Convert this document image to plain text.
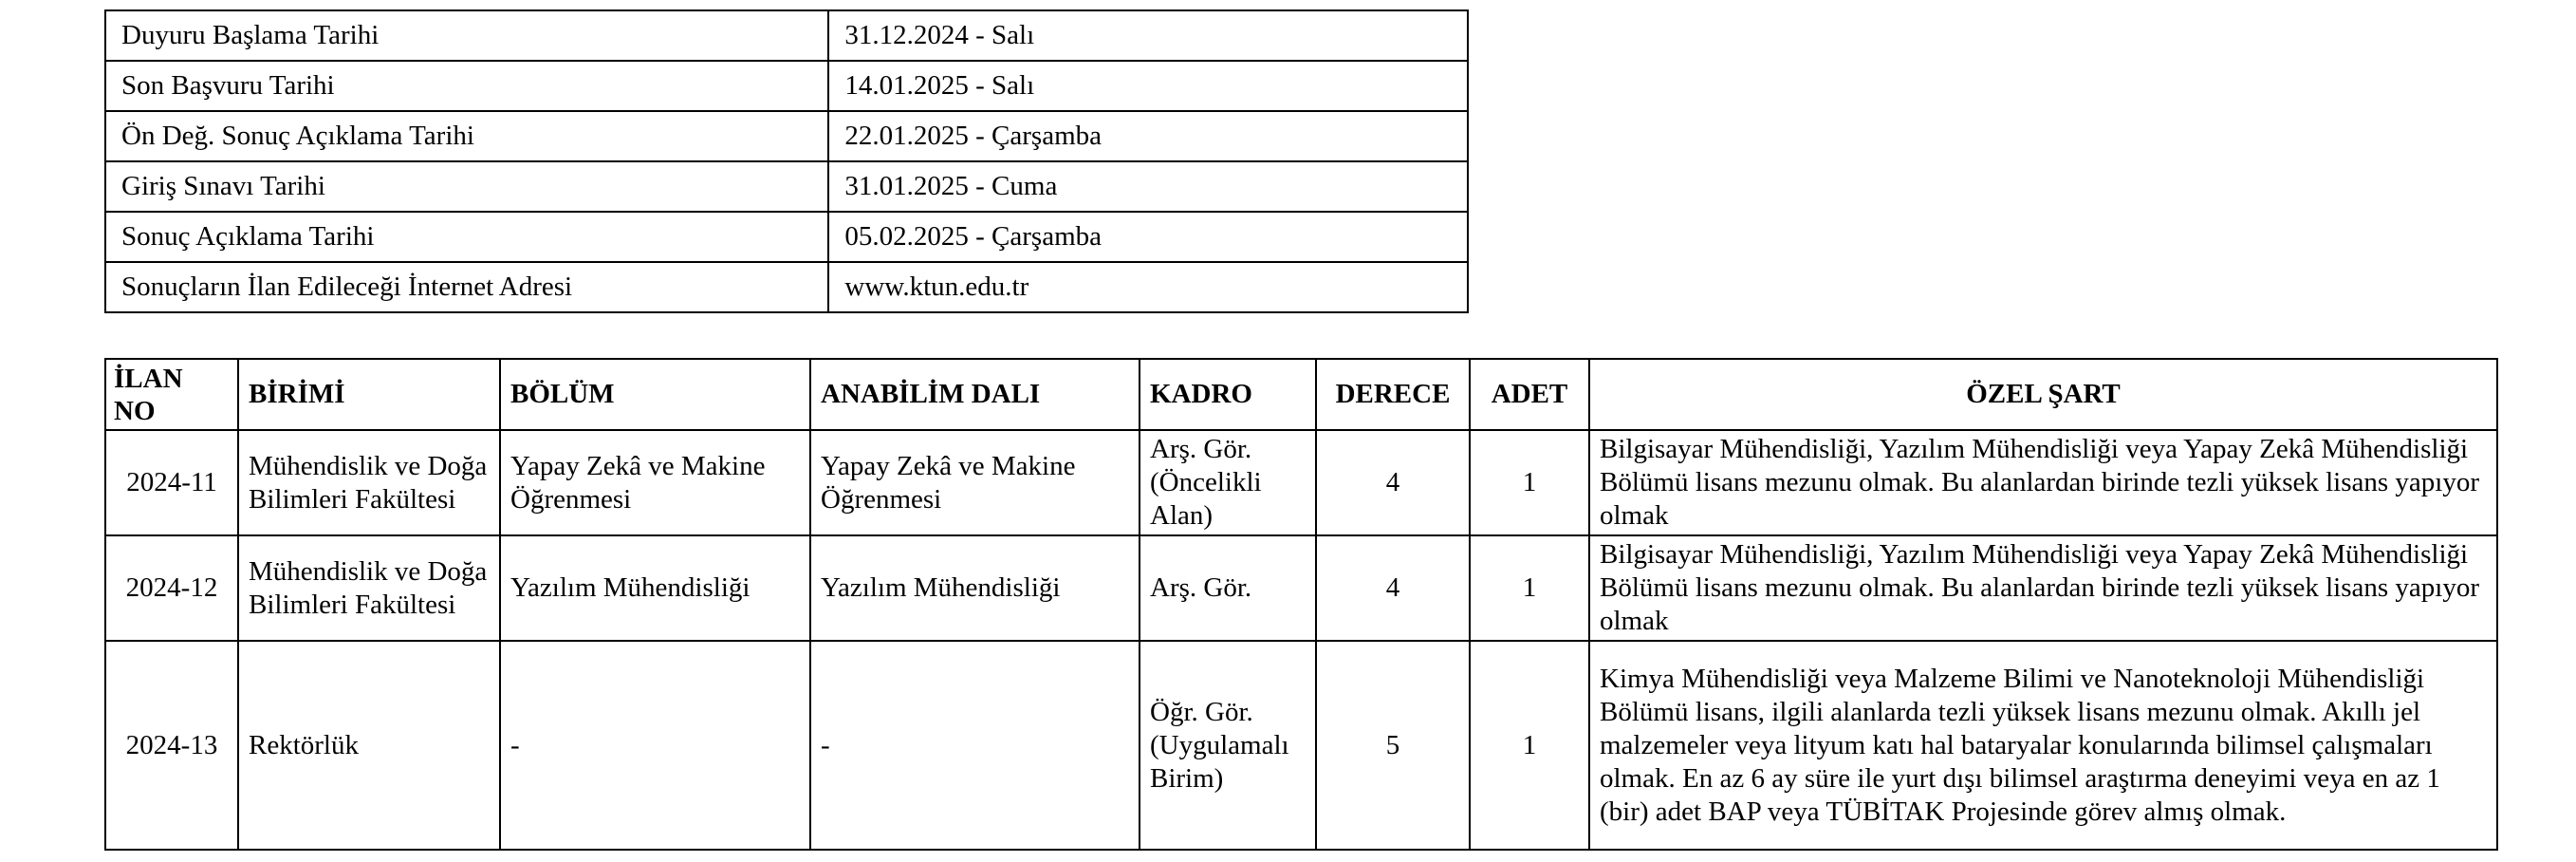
Duyuru Başlama Tarihi	31.12.2024 - Salı
Son Başvuru Tarihi	14.01.2025 - Salı
Ön Değ. Sonuç Açıklama Tarihi	22.01.2025 - Çarşamba
Giriş Sınavı Tarihi	31.01.2025 - Cuma
Sonuç Açıklama Tarihi	05.02.2025 - Çarşamba
Sonuçların İlan Edileceği İnternet Adresi	www.ktun.edu.tr
İLAN NO	BİRİMİ	BÖLÜM	ANABİLİM DALI	KADRO	DERECE	ADET	ÖZEL ŞART
2024-11	Mühendislik ve Doğa Bilimleri Fakültesi	Yapay Zekâ ve Makine Öğrenmesi	Yapay Zekâ ve Makine Öğrenmesi	Arş. Gör. (Öncelikli Alan)	4	1	Bilgisayar Mühendisliği, Yazılım Mühendisliği veya Yapay Zekâ Mühendisliği Bölümü lisans mezunu olmak. Bu alanlardan birinde tezli yüksek lisans yapıyor olmak
2024-12	Mühendislik ve Doğa Bilimleri Fakültesi	Yazılım Mühendisliği	Yazılım Mühendisliği	Arş. Gör.	4	1	Bilgisayar Mühendisliği, Yazılım Mühendisliği veya Yapay Zekâ Mühendisliği Bölümü lisans mezunu olmak. Bu alanlardan birinde tezli yüksek lisans yapıyor olmak
2024-13	Rektörlük	-	-	Öğr. Gör. (Uygulamalı Birim)	5	1	Kimya Mühendisliği veya Malzeme Bilimi ve Nanoteknoloji Mühendisliği Bölümü lisans, ilgili alanlarda tezli yüksek lisans mezunu olmak. Akıllı jel malzemeler veya lityum katı hal bataryalar konularında bilimsel çalışmaları olmak. En az 6 ay süre ile yurt dışı bilimsel araştırma deneyimi veya en az 1 (bir) adet BAP veya TÜBİTAK Projesinde görev almış olmak.
